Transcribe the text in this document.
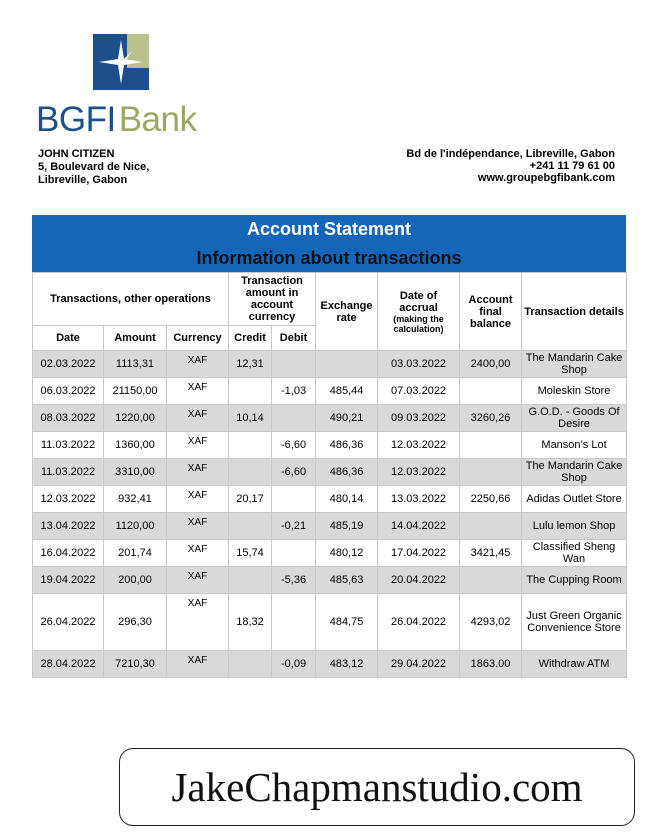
BGFIBank
JOHN CITIZEN
5, Boulevard de Nice,
Libreville, Gabon
Bd de l'indépendance, Libreville, Gabon
+241 11 79 61 00
www.groupebgfibank.com
Account Statement
Information about transactions
Transactions, other operations			Transaction amount in account currency		Exchange rate	Date of accrual
(making the calculation)	Account final balance	Transaction details
Date	Amount	Currency	Credit	Debit				
02.03.2022	1113,31	XAF	12,31			03.03.2022	2400,00	The Mandarin Cake Shop
06.03.2022	21150,00	XAF		-1,03	485,44	07.03.2022		Moleskin Store
08.03.2022	1220,00	XAF	10,14		490,21	09.03.2022	3260,26	G.O.D. - Goods Of Desire
11.03.2022	1360,00	XAF		-6,60	486,36	12.03.2022		Manson’s Lot
11.03.2022	3310,00	XAF		-6,60	486,36	12.03.2022		The Mandarin Cake Shop
12.03.2022	932,41	XAF	20,17		480,14	13.03.2022	2250,66	Adidas Outlet Store
13.04.2022	1120,00	XAF		-0,21	485,19	14.04.2022		Lulu lemon Shop
16.04.2022	201,74	XAF	15,74		480,12	17.04.2022	3421,45	Classified Sheng Wan
19.04.2022	200,00	XAF		-5,36	485,63	20.04.2022		The Cupping Room
26.04.2022	296,30	XAF	18,32		484,75	26.04.2022	4293,02	Just Green Organic Convenience Store
28.04.2022	7210,30	XAF		-0,09	483,12	29.04.2022	1863.00	Withdraw ATM
JakeChapmanstudio.com
